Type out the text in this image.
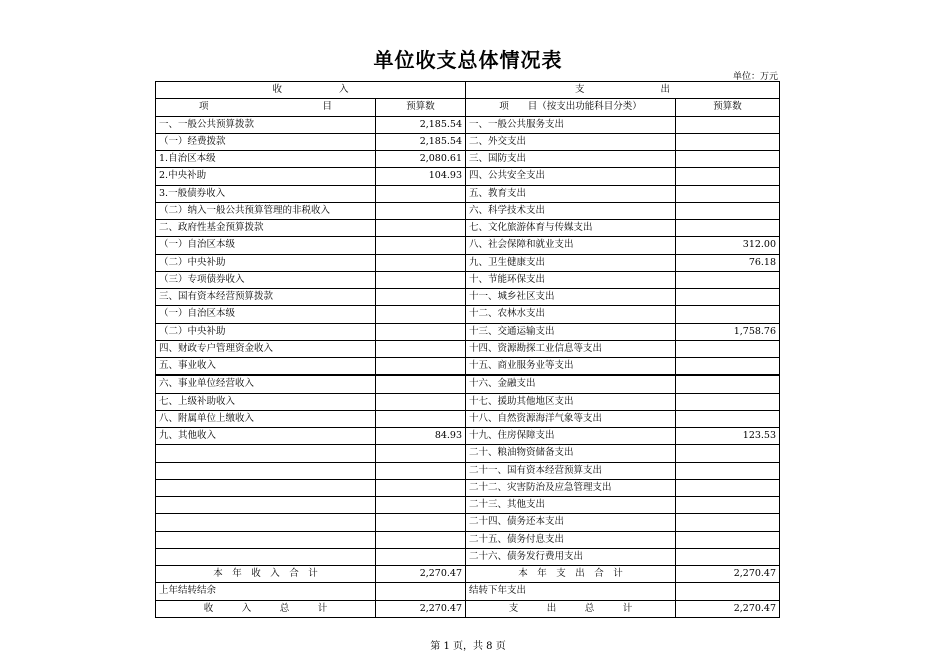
单位收支总体情况表
单位：万元
收　　　　　　入		支　　　　　　　　出	
项　　　　　　　　　　　　目	预算数	项　　目（按支出功能科目分类）	预算数
一、一般公共预算拨款	2,185.54	一、一般公共服务支出	
（一）经费拨款	2,185.54	二、外交支出	
1.自治区本级	2,080.61	三、国防支出	
2.中央补助	104.93	四、公共安全支出	
3.一般债券收入		五、教育支出	
（二）纳入一般公共预算管理的非税收入		六、科学技术支出	
二、政府性基金预算拨款		七、文化旅游体育与传媒支出	
（一）自治区本级		八、社会保障和就业支出	312.00
（二）中央补助		九、卫生健康支出	76.18
（三）专项债券收入		十、节能环保支出	
三、国有资本经营预算拨款		十一、城乡社区支出	
（一）自治区本级		十二、农林水支出	
（二）中央补助		十三、交通运输支出	1,758.76
四、财政专户管理资金收入		十四、资源勘探工业信息等支出	
五、事业收入		十五、商业服务业等支出	
六、事业单位经营收入		十六、金融支出	
七、上级补助收入		十七、援助其他地区支出	
八、附属单位上缴收入		十八、自然资源海洋气象等支出	
九、其他收入	84.93	十九、住房保障支出	123.53
		二十、粮油物资储备支出	
		二十一、国有资本经营预算支出	
		二十二、灾害防治及应急管理支出	
		二十三、其他支出	
		二十四、债务还本支出	
		二十五、债务付息支出	
		二十六、债务发行费用支出	
本　年　收　入　合　计	2,270.47	本　年　支　出　合　计	2,270.47
上年结转结余		结转下年支出	
收　　　入　　　总　　　计	2,270.47	支　　　出　　　总　　　计	2,270.47
第 1 页，共 8 页
